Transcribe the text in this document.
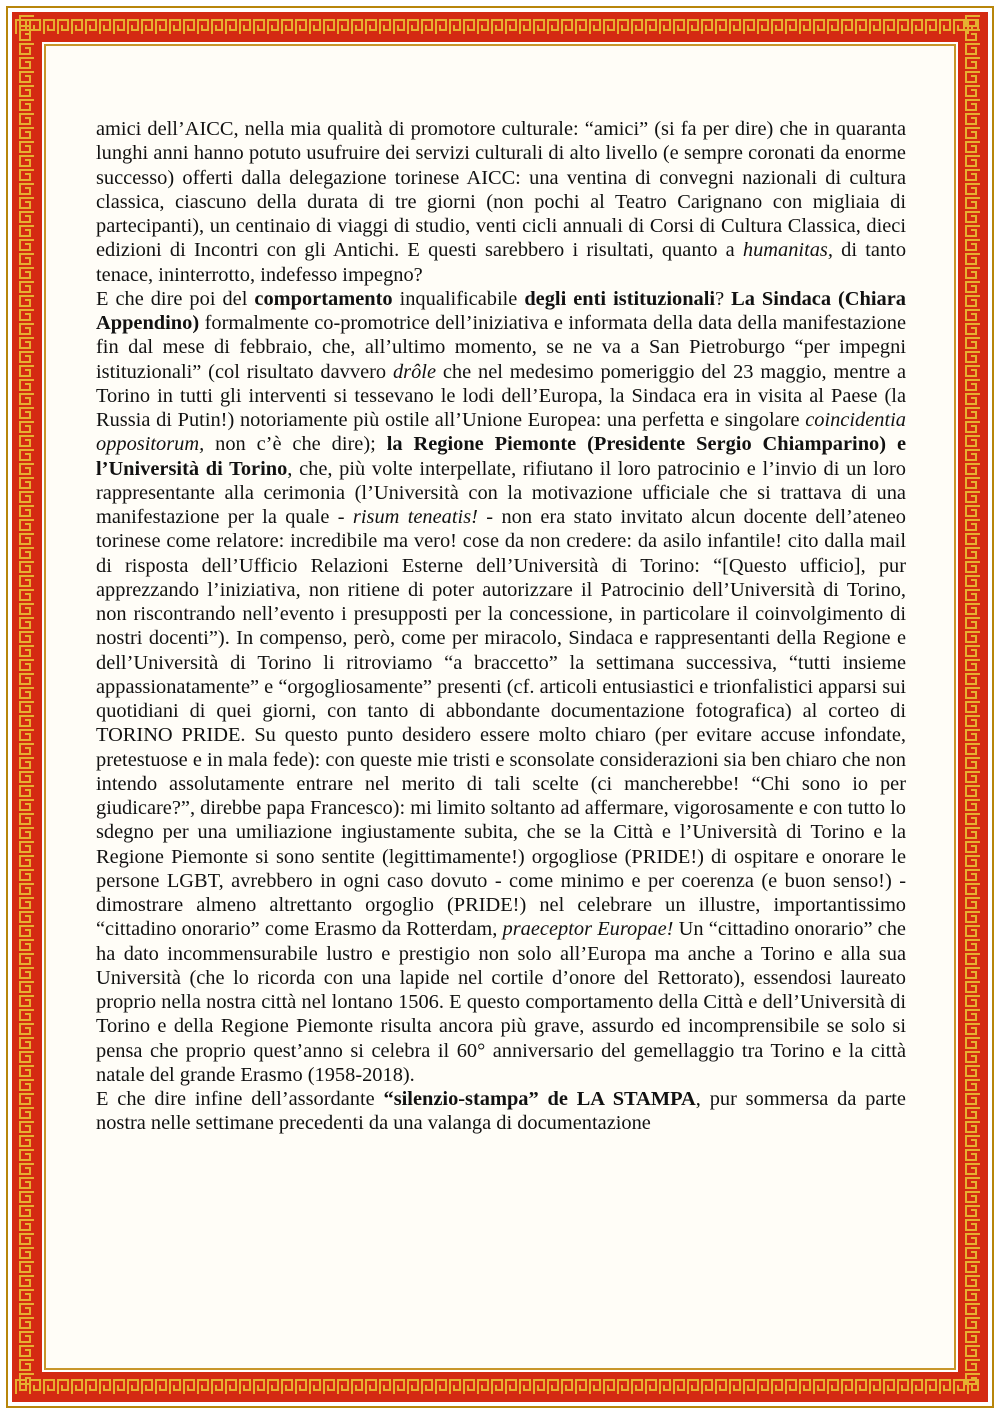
amici dell’AICC, nella mia qualità di promotore culturale: “amici” (si fa per dire) che in quaranta lunghi anni hanno potuto usufruire dei servizi culturali di alto livello (e sempre coronati da enorme successo) offerti dalla delegazione torinese AICC: una ventina di convegni nazionali di cultura classica, ciascuno della durata di tre giorni (non pochi al Teatro Carignano con migliaia di partecipanti), un centinaio di viaggi di studio, venti cicli annuali di Corsi di Cultura Classica, dieci edizioni di Incontri con gli Antichi. E questi sarebbero i risultati, quanto a humanitas, di tanto tenace, ininterrotto, indefesso impegno?

E che dire poi del comportamento inqualificabile degli enti istituzionali? La Sindaca (Chiara Appendino) formalmente co-promotrice dell’iniziativa e informata della data della manifestazione fin dal mese di febbraio, che, all’ultimo momento, se ne va a San Pietroburgo “per impegni istituzionali” (col risultato davvero drôle che nel medesimo pomeriggio del 23 maggio, mentre a Torino in tutti gli interventi si tessevano le lodi dell’Europa, la Sindaca era in visita al Paese (la Russia di Putin!) notoriamente più ostile all’Unione Europea: una perfetta e singolare coincidentia oppositorum, non c’è che dire); la Regione Piemonte (Presidente Sergio Chiamparino) e l’Università di Torino, che, più volte interpellate, rifiutano il loro patrocinio e l’invio di un loro rappresentante alla cerimonia (l’Università con la motivazione ufficiale che si trattava di una manifestazione per la quale - risum teneatis! - non era stato invitato alcun docente dell’ateneo torinese come relatore: incredibile ma vero! cose da non credere: da asilo infantile! cito dalla mail di risposta dell’Ufficio Relazioni Esterne dell’Università di Torino: “[Questo ufficio], pur apprezzando l’iniziativa, non ritiene di poter autorizzare il Patrocinio dell’Università di Torino, non riscontrando nell’evento i presupposti per la concessione, in particolare il coinvolgimento di nostri docenti”). In compenso, però, come per miracolo, Sindaca e rappresentanti della Regione e dell’Università di Torino li ritroviamo “a braccetto” la settimana successiva, “tutti insieme appassionatamente” e “orgogliosamente” presenti (cf. articoli entusiastici e trionfalistici apparsi sui quotidiani di quei giorni, con tanto di abbondante documentazione fotografica) al corteo di TORINO PRIDE. Su questo punto desidero essere molto chiaro (per evitare accuse infondate, pretestuose e in mala fede): con queste mie tristi e sconsolate considerazioni sia ben chiaro che non intendo assolutamente entrare nel merito di tali scelte (ci mancherebbe! “Chi sono io per giudicare?”, direbbe papa Francesco): mi limito soltanto ad affermare, vigorosamente e con tutto lo sdegno per una umiliazione ingiustamente subita, che se la Città e l’Università di Torino e la Regione Piemonte si sono sentite (legittimamente!) orgogliose (PRIDE!) di ospitare e onorare le persone LGBT, avrebbero in ogni caso dovuto - come minimo e per coerenza (e buon senso!) - dimostrare almeno altrettanto orgoglio (PRIDE!) nel celebrare un illustre, importantissimo “cittadino onorario” come Erasmo da Rotterdam, praeceptor Europae! Un “cittadino onorario” che ha dato incommensurabile lustro e prestigio non solo all’Europa ma anche a Torino e alla sua Università (che lo ricorda con una lapide nel cortile d’onore del Rettorato), essendosi laureato proprio nella nostra città nel lontano 1506. E questo comportamento della Città e dell’Università di Torino e della Regione Piemonte risulta ancora più grave, assurdo ed incomprensibile se solo si pensa che proprio quest’anno si celebra il 60° anniversario del gemellaggio tra Torino e la città natale del grande Erasmo (1958-2018).

E che dire infine dell’assordante “silenzio-stampa” de LA STAMPA, pur sommersa da parte nostra nelle settimane precedenti da una valanga di documentazione
